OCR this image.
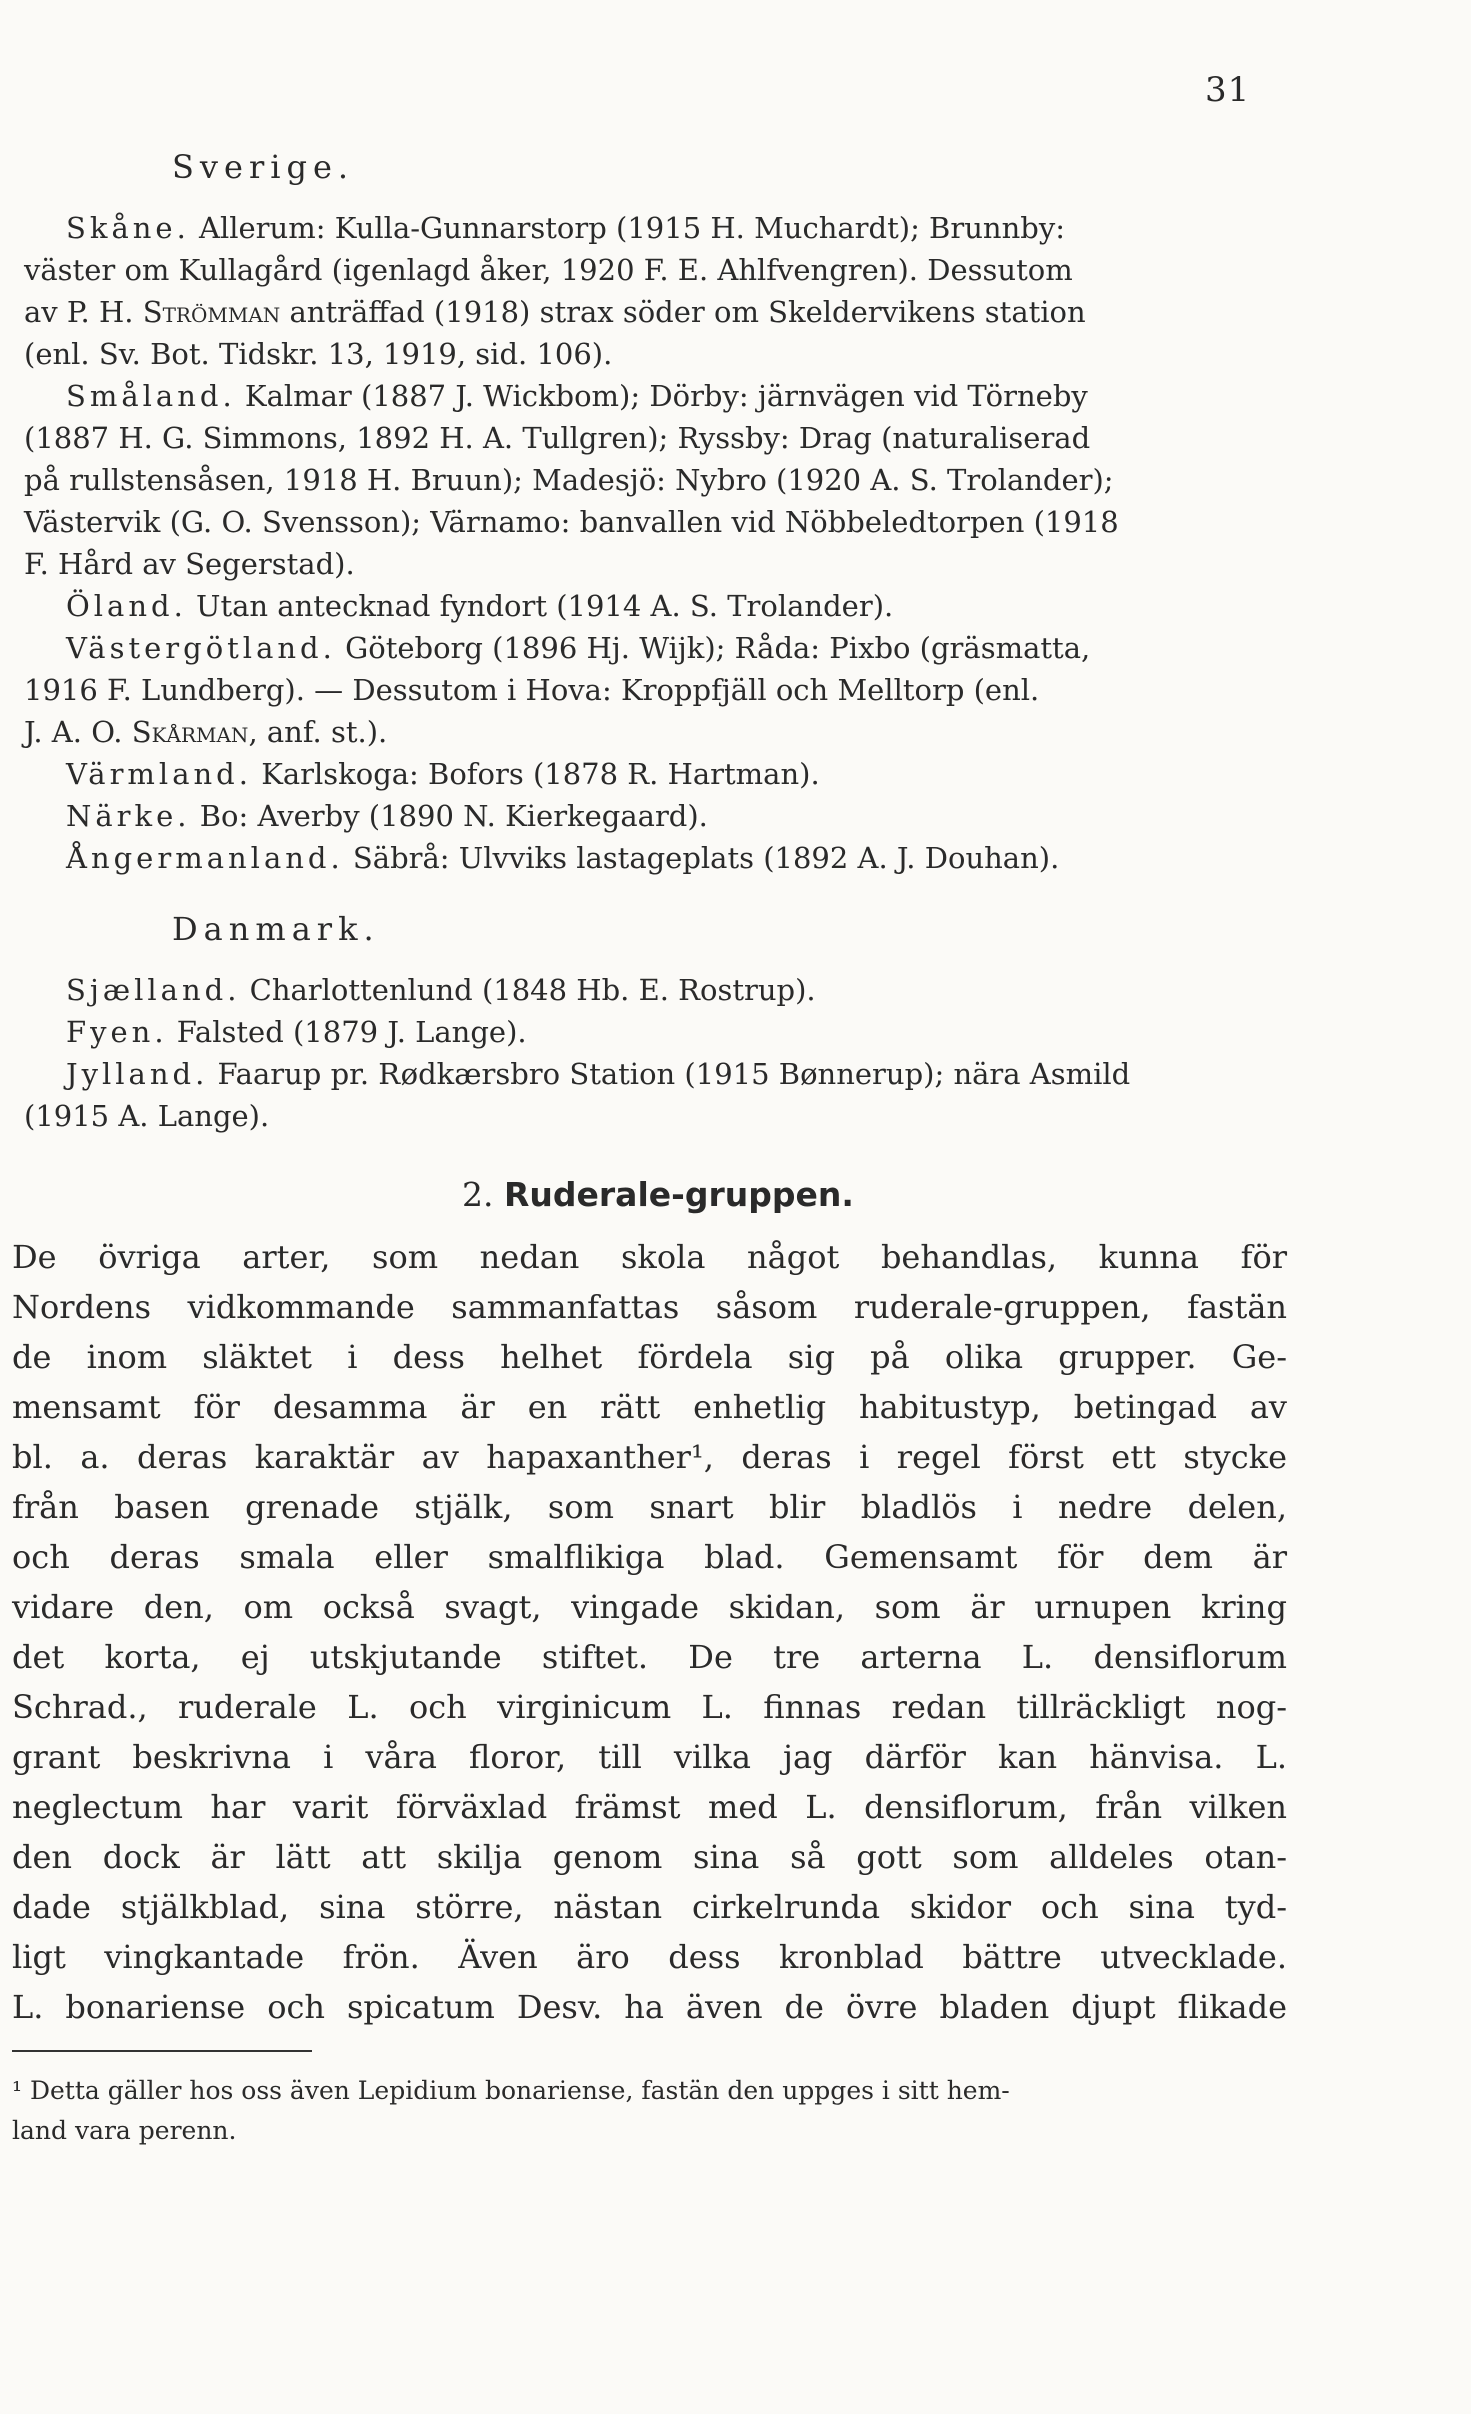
31
Sverige.
Skåne. Allerum: Kulla-Gunnarstorp (1915 H. Muchardt); Brunnby:
väster om Kullagård (igenlagd åker, 1920 F. E. Ahlfvengren). Dessutom
av P. H. Strömman anträffad (1918) strax söder om Skeldervikens station
(enl. Sv. Bot. Tidskr. 13, 1919, sid. 106).
Småland. Kalmar (1887 J. Wickbom); Dörby: järnvägen vid Törneby
(1887 H. G. Simmons, 1892 H. A. Tullgren); Ryssby: Drag (naturaliserad
på rullstensåsen, 1918 H. Bruun); Madesjö: Nybro (1920 A. S. Trolander);
Västervik (G. O. Svensson); Värnamo: banvallen vid Nöbbeledtorpen (1918
F. Hård av Segerstad).
Öland. Utan antecknad fyndort (1914 A. S. Trolander).
Västergötland. Göteborg (1896 Hj. Wijk); Råda: Pixbo (gräsmatta,
1916 F. Lundberg). — Dessutom i Hova: Kroppfjäll och Melltorp (enl.
J. A. O. Skårman, anf. st.).
Värmland. Karlskoga: Bofors (1878 R. Hartman).
Närke. Bo: Averby (1890 N. Kierkegaard).
Ångermanland. Säbrå: Ulvviks lastageplats (1892 A. J. Douhan).
Danmark.
Sjælland. Charlottenlund (1848 Hb. E. Rostrup).
Fyen. Falsted (1879 J. Lange).
Jylland. Faarup pr. Rødkærsbro Station (1915 Bønnerup); nära Asmild
(1915 A. Lange).
2. Ruderale-gruppen.
De övriga arter, som nedan skola något behandlas, kunna för
Nordens vidkommande sammanfattas såsom ruderale-gruppen, fastän
de inom släktet i dess helhet fördela sig på olika grupper. Ge-
mensamt för desamma är en rätt enhetlig habitustyp, betingad av
bl. a. deras karaktär av hapaxanther¹, deras i regel först ett stycke
från basen grenade stjälk, som snart blir bladlös i nedre delen,
och deras smala eller smalflikiga blad. Gemensamt för dem är
vidare den, om också svagt, vingade skidan, som är urnupen kring
det korta, ej utskjutande stiftet. De tre arterna L. densiflorum
Schrad., ruderale L. och virginicum L. finnas redan tillräckligt nog-
grant beskrivna i våra floror, till vilka jag därför kan hänvisa. L.
neglectum har varit förväxlad främst med L. densiflorum, från vilken
den dock är lätt att skilja genom sina så gott som alldeles otan-
dade stjälkblad, sina större, nästan cirkelrunda skidor och sina tyd-
ligt vingkantade frön. Även äro dess kronblad bättre utvecklade.
L. bonariense och spicatum Desv. ha även de övre bladen djupt flikade
¹ Detta gäller hos oss även Lepidium bonariense, fastän den uppges i sitt hem-
land vara perenn.
